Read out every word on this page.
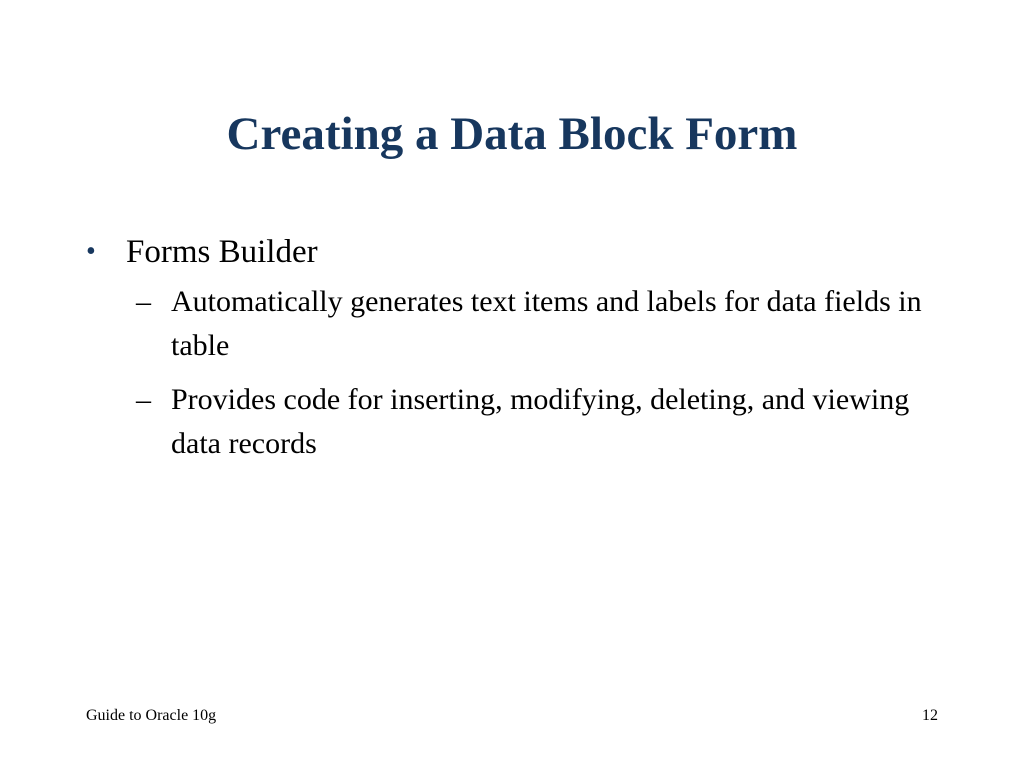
Creating a Data Block Form
• Forms Builder
– Automatically generates text items and labels for data fields in table
– Provides code for inserting, modifying, deleting, and viewing data records
Guide to Oracle 10g	12
